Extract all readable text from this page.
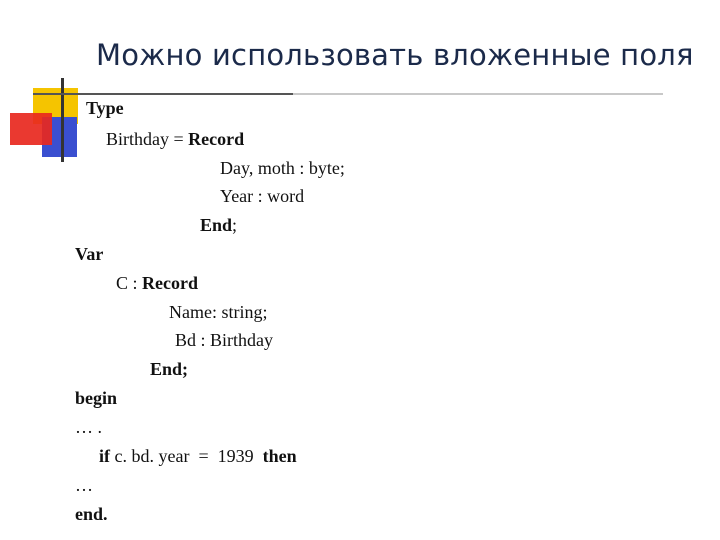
Можно использовать вложенные поля
Type
Birthday = Record
Day, moth : byte;
Year : word
End;
Var
C : Record
Name: string;
Bd : Birthday
End;
begin
… .
if c. bd. year  =  1939  then
…
end.
